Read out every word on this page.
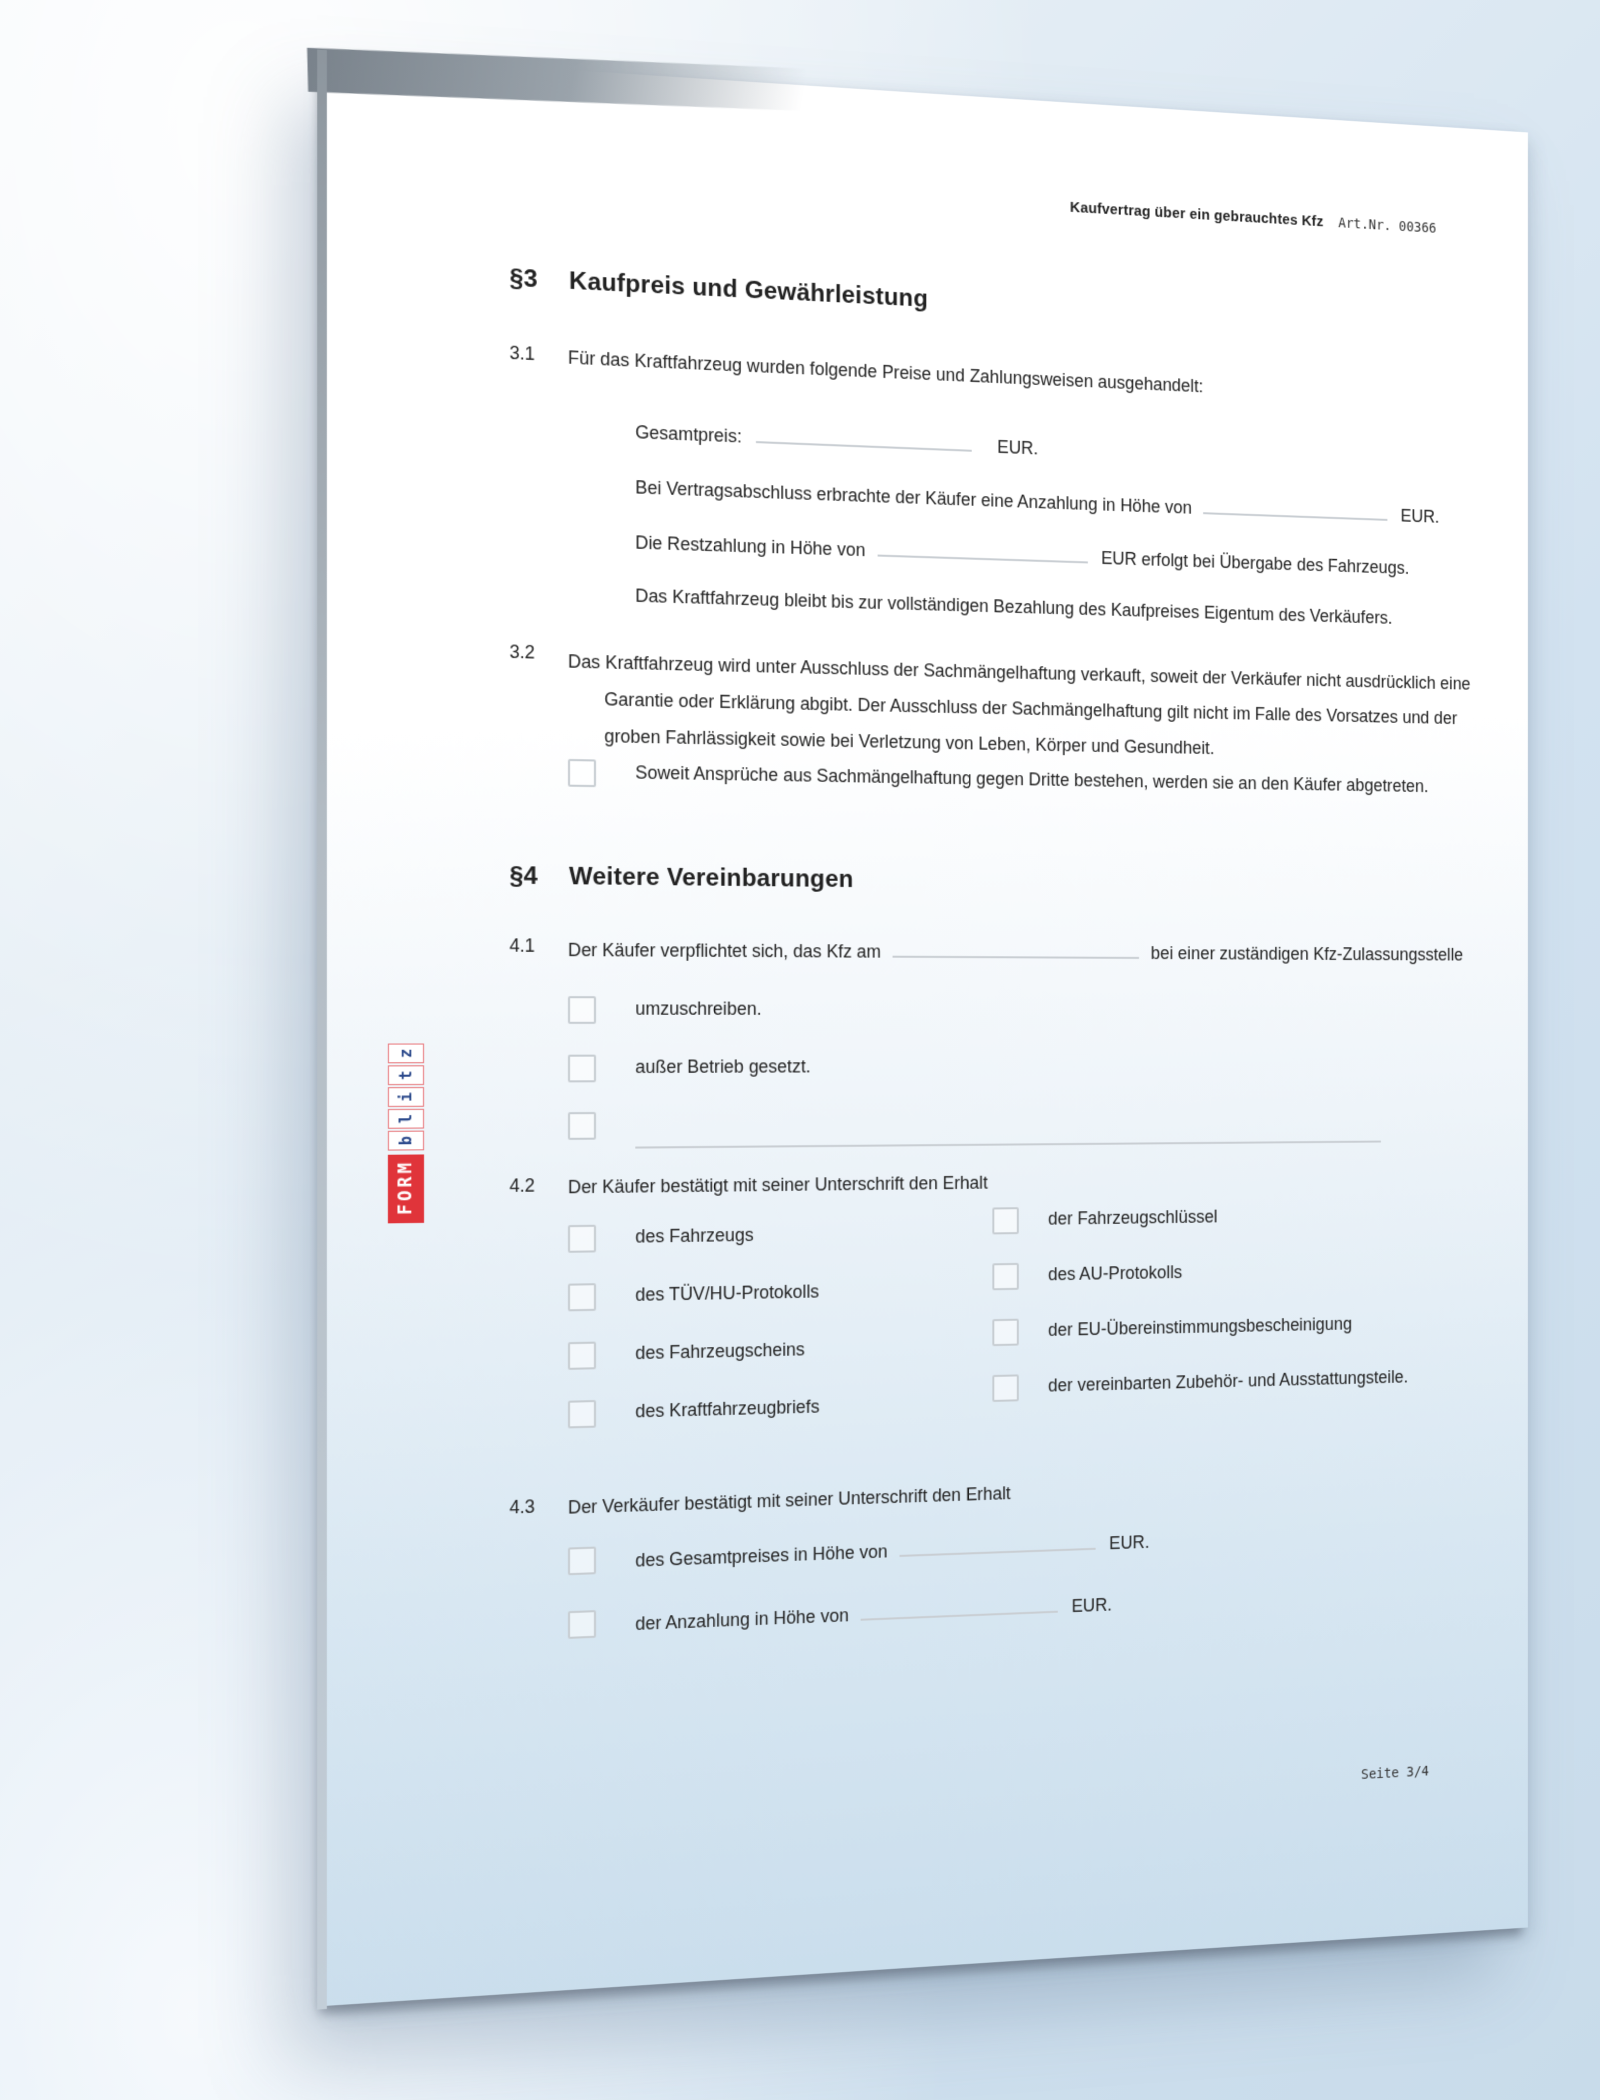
Kaufvertrag über ein gebrauchtes Kfz Art.Nr. 00366
§3 Kaufpreis und Gewährleistung
3.1 Für das Kraftfahrzeug wurden folgende Preise und Zahlungsweisen ausgehandelt:
Gesamtpreis:
EUR.
Bei Vertragsabschluss erbrachte der Käufer eine Anzahlung in Höhe von	EUR.
Die Restzahlung in Höhe von
EUR erfolgt bei Übergabe des Fahrzeugs.
Das Kraftfahrzeug bleibt bis zur vollständigen Bezahlung des Kaufpreises Eigentum des Verkäufers.
3.2 Das Kraftfahrzeug wird unter Ausschluss der Sachmängelhaftung verkauft, soweit der Verkäufer nicht ausdrücklich eine Garantie oder Erklärung abgibt. Der Ausschluss der Sachmängelhaftung gilt nicht im Falle des Vorsatzes und der groben Fahrlässigkeit sowie bei Verletzung von Leben, Körper und Gesundheit.
Soweit Ansprüche aus Sachmängelhaftung gegen Dritte bestehen, werden sie an den Käufer abgetreten.
§4 Weitere Vereinbarungen
4.1 Der Käufer verpflichtet sich, das Kfz am	bei einer zuständigen Kfz-Zulassungsstelle
umzuschreiben.
außer Betrieb gesetzt.
4.2 Der Käufer bestätigt mit seiner Unterschrift den Erhalt
des Fahrzeugs
des TÜV/HU-Protokolls
des Fahrzeugscheins
des Kraftfahrzeugbriefs
der Fahrzeugschlüssel
des AU-Protokolls
der EU-Übereinstimmungsbescheinigung
der vereinbarten Zubehör- und Ausstattungsteile.
4.3 Der Verkäufer bestätigt mit seiner Unterschrift den Erhalt
des Gesamtpreises in Höhe von	EUR.
der Anzahlung in Höhe von	EUR.
Seite 3/4
FORM
b
l
i
t
z
